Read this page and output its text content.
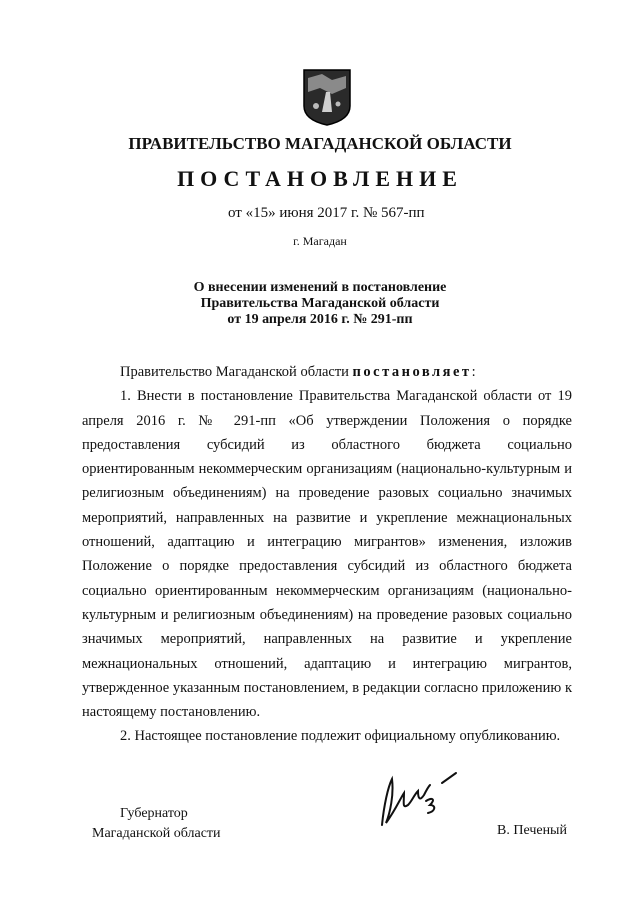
ПРАВИТЕЛЬСТВО МАГАДАНСКОЙ ОБЛАСТИ
ПОСТАНОВЛЕНИЕ
от «15» июня 2017 г. № 567-пп
г. Магадан
О внесении изменений в постановление
Правительства Магаданской области
от 19 апреля 2016 г. № 291-пп

Правительство Магаданской области постановляет:

1. Внести в постановление Правительства Магаданской области от 19 апреля 2016 г. № 291-пп «Об утверждении Положения о порядке предоставления субсидий из областного бюджета социально ориентированным некоммерческим организациям (национально-культурным и религиозным объединениям) на проведение разовых социально значимых мероприятий, направленных на развитие и укрепление межнациональных отношений, адаптацию и интеграцию мигрантов» изменения, изложив Положение о порядке предоставления субсидий из областного бюджета социально ориентированным некоммерческим организациям (национально-культурным и религиозным объединениям) на проведение разовых социально значимых мероприятий, направленных на развитие и укрепление межнациональных отношений, адаптацию и интеграцию мигрантов, утвержденное указанным постановлением, в редакции согласно приложению к настоящему постановлению.

2. Настоящее постановление подлежит официальному опубликованию.

Губернатор
Магаданской области	В. Печеный
